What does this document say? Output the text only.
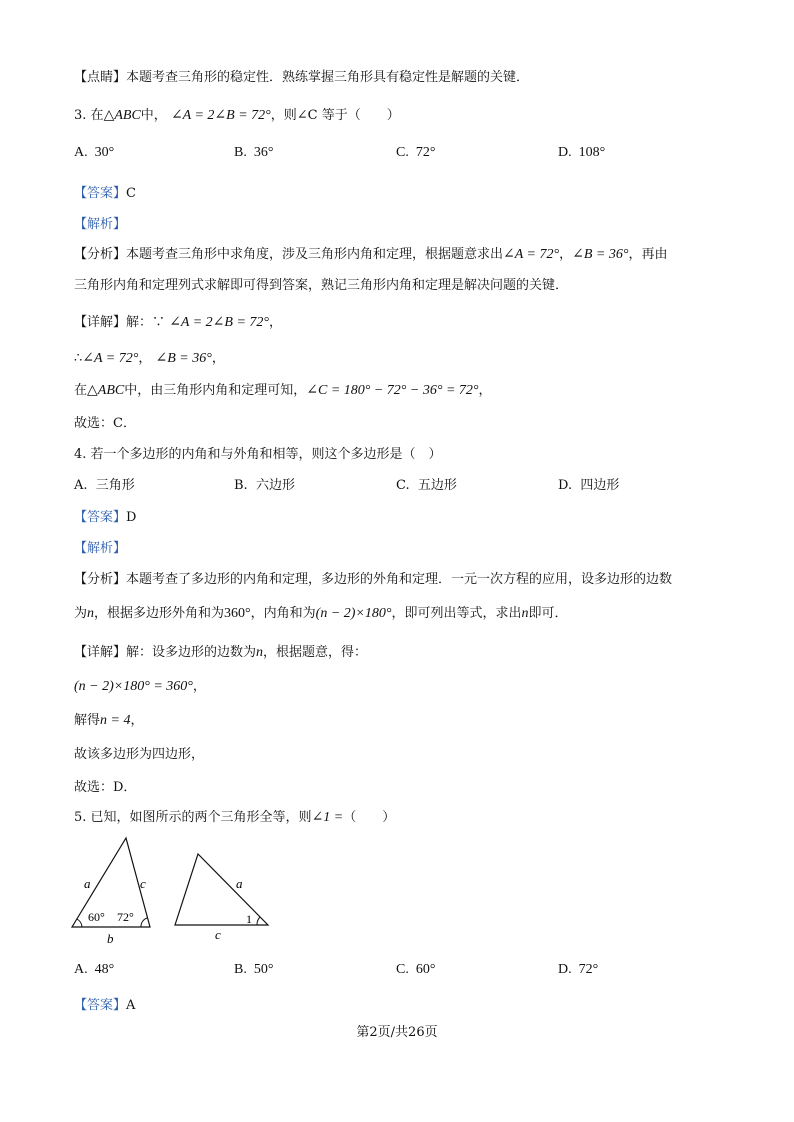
【点睛】本题考查三角形的稳定性．熟练掌握三角形具有稳定性是解题的关键．
3. 在△ABC中， ∠A = 2∠B = 72°，则∠C 等于（　　）
A. 30°	B. 36°	C. 72°	D. 108°
【答案】C
【解析】
【分析】本题考查三角形中求角度，涉及三角形内角和定理，根据题意求出∠A = 72°，∠B = 36°，再由
三角形内角和定理列式求解即可得到答案，熟记三角形内角和定理是解决问题的关键．
【详解】解：∵ ∠A = 2∠B = 72°，
∴∠A = 72°， ∠B = 36°，
在△ABC中，由三角形内角和定理可知，∠C = 180° − 72° − 36° = 72°，
故选：C．
4. 若一个多边形的内角和与外角和相等，则这个多边形是（　）
A. 三角形	B. 六边形	C. 五边形	D. 四边形
【答案】D
【解析】
【分析】本题考查了多边形的内角和定理，多边形的外角和定理．一元一次方程的应用，设多边形的边数
为n，根据多边形外角和为360°，内角和为(n − 2)×180°，即可列出等式，求出n即可．
【详解】解：设多边形的边数为n，根据题意，得：
(n − 2)×180° = 360°，
解得n = 4，
故该多边形为四边形，
故选：D．
5. 已知，如图所示的两个三角形全等，则∠1 =（　　）
a	c
b
60° 72°
a
c
1
A. 48°	B. 50°	C. 60°	D. 72°
【答案】A
第2页/共26页
